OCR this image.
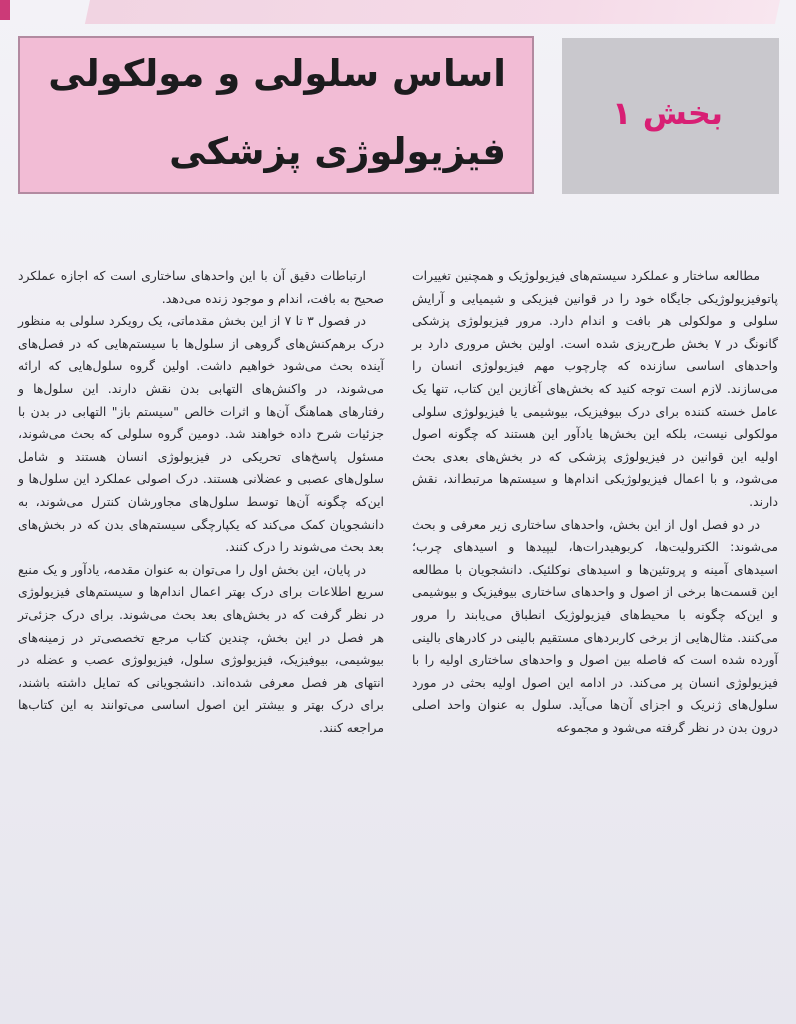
بخش ۱
اساس سلولی و مولکولی
فیزیولوژی پزشکی

مطالعه ساختار و عملکرد سیستم‌های فیزیولوژیک و همچنین تغییرات پاتوفیزیولوژیکی جایگاه خود را در قوانین فیزیکی و شیمیایی و آرایش سلولی و مولکولی هر بافت و اندام دارد. مرور فیزیولوژی پزشکی گانونگ در ۷ بخش طرح‌ریزی شده است. اولین بخش مروری دارد بر واحدهای اساسی سازنده که چارچوب مهم فیزیولوژی انسان را می‌سازند. لازم است توجه کنید که بخش‌های آغازین این کتاب، تنها یک عامل خسته کننده برای درک بیوفیزیک، بیوشیمی یا فیزیولوژی سلولی مولکولی نیست، بلکه این بخش‌ها یادآور این هستند که چگونه اصول اولیه این قوانین در فیزیولوژی پزشکی که در بخش‌های بعدی بحث می‌شود، و با اعمال فیزیولوژیکی اندام‌ها و سیستم‌ها مرتبط‌اند، نقش دارند.

در دو فصل اول از این بخش، واحدهای ساختاری زیر معرفی و بحث می‌شوند: الکترولیت‌ها، کربوهیدرات‌ها، لیپیدها و اسیدهای چرب؛ اسیدهای آمینه و پروتئین‌ها و اسیدهای نوکلئیک. دانشجویان با مطالعه این قسمت‌ها برخی از اصول و واحدهای ساختاری بیوفیزیک و بیوشیمی و این‌که چگونه با محیط‌های فیزیولوژیک انطباق می‌یابند را مرور می‌کنند. مثال‌هایی از برخی کاربردهای مستقیم بالینی در کادرهای بالینی آورده شده است که فاصله بین اصول و واحدهای ساختاری اولیه را با فیزیولوژی انسان پر می‌کند. در ادامه این اصول اولیه بحثی در مورد سلول‌های ژنریک و اجزای آن‌ها می‌آید. سلول به عنوان واحد اصلی درون بدن در نظر گرفته می‌شود و مجموعه

ارتباطات دقیق آن با این واحدهای ساختاری است که اجازه عملکرد صحیح به بافت، اندام و موجود زنده می‌دهد.

در فصول ۳ تا ۷ از این بخش مقدماتی، یک رویکرد سلولی به منظور درک برهم‌کنش‌های گروهی از سلول‌ها با سیستم‌هایی که در فصل‌های آینده بحث می‌شود خواهیم داشت. اولین گروه سلول‌هایی که ارائه می‌شوند، در واکنش‌های التهابی بدن نقش دارند. این سلول‌ها و رفتارهای هماهنگ آن‌ها و اثرات خالص "سیستم باز" التهابی در بدن با جزئیات شرح داده خواهند شد. دومین گروه سلولی که بحث می‌شوند، مسئول پاسخ‌های تحریکی در فیزیولوژی انسان هستند و شامل سلول‌های عصبی و عضلانی هستند. درک اصولی عملکرد این سلول‌ها و این‌که چگونه آن‌ها توسط سلول‌های مجاورشان کنترل می‌شوند، به دانشجویان کمک می‌کند که یکپارچگی سیستم‌های بدن که در بخش‌های بعد بحث می‌شوند را درک کنند.

در پایان، این بخش اول را می‌توان به عنوان مقدمه، یادآور و یک منبع سریع اطلاعات برای درک بهتر اعمال اندام‌ها و سیستم‌های فیزیولوژی در نظر گرفت که در بخش‌های بعد بحث می‌شوند. برای درک جزئی‌تر هر فصل در این بخش، چندین کتاب مرجع تخصصی‌تر در زمینه‌های بیوشیمی، بیوفیزیک، فیزیولوژی سلول، فیزیولوژی عصب و عضله در انتهای هر فصل معرفی شده‌اند. دانشجویانی که تمایل داشته باشند، برای درک بهتر و بیشتر این اصول اساسی می‌توانند به این کتاب‌ها مراجعه کنند.
